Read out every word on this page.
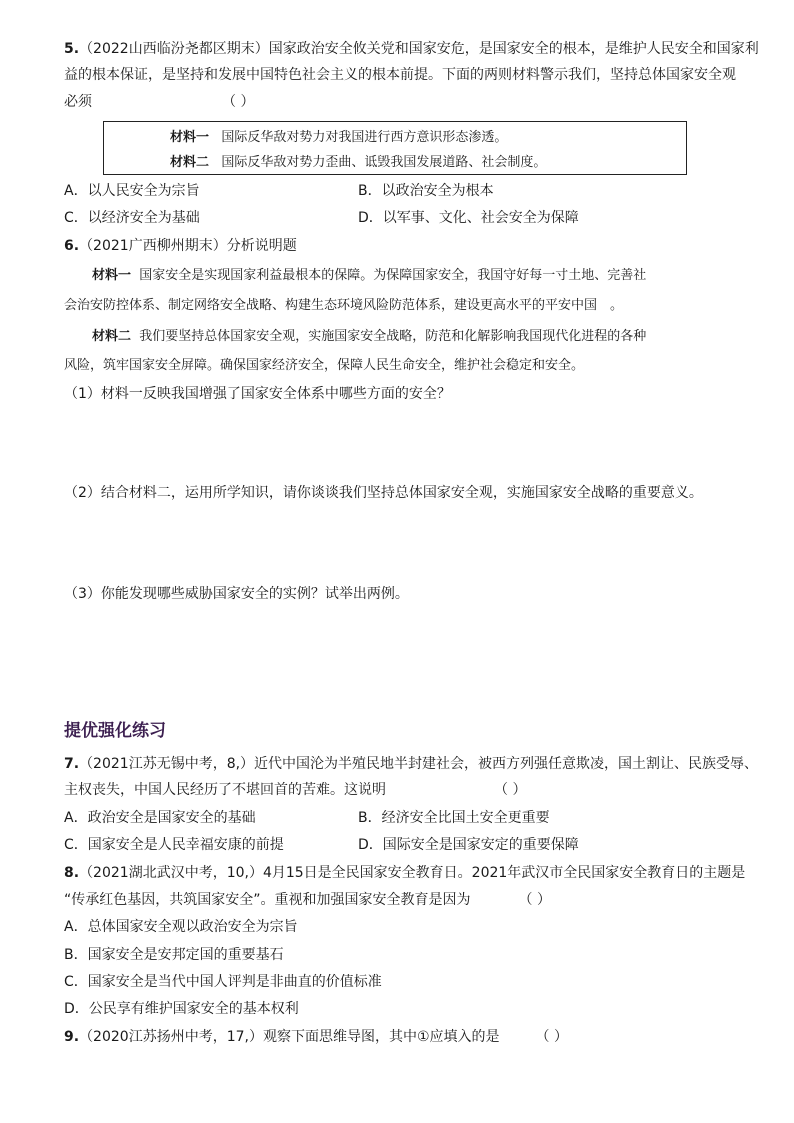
5.（2022山西临汾尧都区期末）国家政治安全攸关党和国家安危，是国家安全的根本，是维护人民安全和国家利
益的根本保证，是坚持和发展中国特色社会主义的根本前提。下面的两则材料警示我们，坚持总体国家安全观
必须	（ ）
材料一 国际反华敌对势力对我国进行西方意识形态渗透。
材料二 国际反华敌对势力歪曲、诋毁我国发展道路、社会制度。
A．以人民安全为宗旨	B．以政治安全为根本
C．以经济安全为基础	D．以军事、文化、社会安全为保障
6.（2021广西柳州期末）分析说明题
材料一 国家安全是实现国家利益最根本的保障。为保障国家安全，我国守好每一寸土地、完善社
会治安防控体系、制定网络安全战略、构建生态环境风险防范体系，建设更高水平的平安中国　。
材料二 我们要坚持总体国家安全观，实施国家安全战略，防范和化解影响我国现代化进程的各种
风险，筑牢国家安全屏障。确保国家经济安全，保障人民生命安全，维护社会稳定和安全。
（1）材料一反映我国增强了国家安全体系中哪些方面的安全？
（2）结合材料二，运用所学知识，请你谈谈我们坚持总体国家安全观，实施国家安全战略的重要意义。
（3）你能发现哪些威胁国家安全的实例？试举出两例。
提优强化练习
7.（2021江苏无锡中考，8,）近代中国沦为半殖民地半封建社会，被西方列强任意欺凌，国土割让、民族受辱、
主权丧失，中国人民经历了不堪回首的苦难。这说明	（ ）
A．政治安全是国家安全的基础	B．经济安全比国土安全更重要
C．国家安全是人民幸福安康的前提	D．国际安全是国家安定的重要保障
8.（2021湖北武汉中考，10,）4月15日是全民国家安全教育日。2021年武汉市全民国家安全教育日的主题是
“传承红色基因，共筑国家安全”。重视和加强国家安全教育是因为	（ ）
A．总体国家安全观以政治安全为宗旨
B．国家安全是安邦定国的重要基石
C．国家安全是当代中国人评判是非曲直的价值标准
D．公民享有维护国家安全的基本权利
9.（2020江苏扬州中考，17,）观察下面思维导图，其中①应填入的是	（ ）
